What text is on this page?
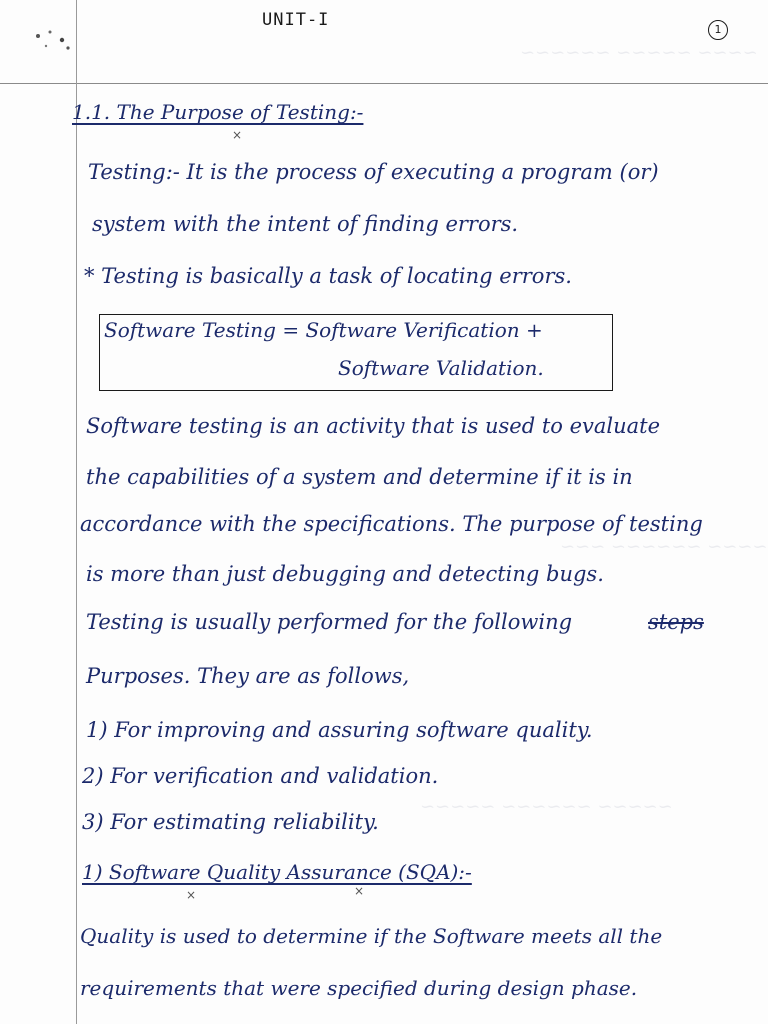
~~~~ ~~~~~ ~~~~~~
~~~~ ~~~~~~ ~~~
~~~~~ ~~~~~~ ~~~~~
UNIT-I	1
1.1. The Purpose of Testing:-
×
Testing:- It is the process of executing a program (or)
system with the intent of finding errors.
* Testing is basically a task of locating errors.
Software Testing = Software Verification +
Software Validation.
Software testing is an activity that is used to evaluate
the capabilities of a system and determine if it is in
accordance with the specifications. The purpose of testing
is more than just debugging and detecting bugs.
Testing is usually performed for the following	steps
Purposes. They are as follows,
1) For improving and assuring software quality.
2) For verification and validation.
3) For estimating reliability.
1) Software Quality Assurance (SQA):-
×	×
Quality is used to determine if the Software meets all the
requirements that were specified during design phase.
